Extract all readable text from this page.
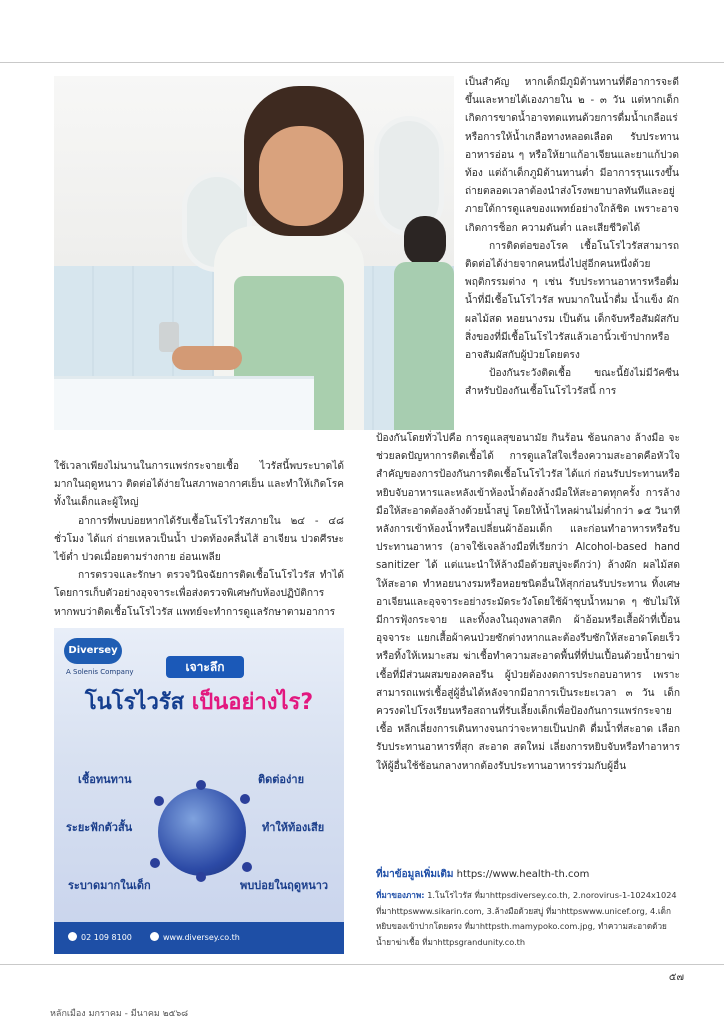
เป็นสำคัญ หากเด็กมีภูมิต้านทานที่ดีอาการจะดีขึ้นและหายได้เองภายใน ๒ - ๓ วัน แต่หากเด็กเกิดการขาดน้ำอาจทดแทนด้วยการดื่มน้ำเกลือแร่หรือการให้น้ำเกลือทางหลอดเลือด รับประทานอาหารอ่อน ๆ หรือให้ยาแก้อาเจียนและยาแก้ปวดท้อง แต่ถ้าเด็กภูมิต้านทานต่ำ มีอาการรุนแรงขึ้นถ่ายตลอดเวลาต้องนำส่งโรงพยาบาลทันทีและอยู่ภายใต้การดูแลของแพทย์อย่างใกล้ชิด เพราะอาจเกิดการช็อก ความดันต่ำ และเสียชีวิตได้

การติดต่อของโรค เชื้อโนโรไวรัสสามารถติดต่อได้ง่ายจากคนหนึ่งไปสู่อีกคนหนึ่งด้วยพฤติกรรมต่าง ๆ เช่น รับประทานอาหารหรือดื่มน้ำที่มีเชื้อโนโรไวรัส พบมากในน้ำดื่ม น้ำแข็ง ผักผลไม้สด หอยนางรม เป็นต้น เด็กจับหรือสัมผัสกับสิ่งของที่มีเชื้อโนโรไวรัสแล้วเอานิ้วเข้าปากหรืออาจสัมผัสกับผู้ป่วยโดยตรง

ป้องกันระวังติดเชื้อ ขณะนี้ยังไม่มีวัคซีนสำหรับป้องกันเชื้อโนโรไวรัสนี้ การ

ใช้เวลาเพียงไม่นานในการแพร่กระจายเชื้อ ไวรัสนี้พบระบาดได้มากในฤดูหนาว ติดต่อได้ง่ายในสภาพอากาศเย็น และทำให้เกิดโรคทั้งในเด็กและผู้ใหญ่

อาการที่พบบ่อยหากได้รับเชื้อโนโรไวรัสภายใน ๒๔ - ๔๘ ชั่วโมง ได้แก่ ถ่ายเหลวเป็นน้ำ ปวดท้องคลื่นไส้ อาเจียน ปวดศีรษะ ไข้ต่ำ ปวดเมื่อยตามร่างกาย อ่อนเพลีย

การตรวจและรักษา ตรวจวินิจฉัยการติดเชื้อโนโรไวรัส ทำได้โดยการเก็บตัวอย่างอุจจาระเพื่อส่งตรวจพิเศษกับห้องปฏิบัติการ หากพบว่าติดเชื้อโนโรไวรัส แพทย์จะทำการดูแลรักษาตามอาการ

ป้องกันโดยทั่วไปคือ การดูแลสุขอนามัย กินร้อน ช้อนกลาง ล้างมือ จะช่วยลดปัญหาการติดเชื้อได้ การดูแลใส่ใจเรื่องความสะอาดคือหัวใจสำคัญของการป้องกันการติดเชื้อโนโรไวรัส ได้แก่ ก่อนรับประทานหรือหยิบจับอาหารและหลังเข้าห้องน้ำต้องล้างมือให้สะอาดทุกครั้ง การล้างมือให้สะอาดต้องล้างด้วยน้ำสบู่ โดยให้น้ำไหลผ่านไม่ต่ำกว่า ๑๕ วินาที หลังการเข้าห้องน้ำหรือเปลี่ยนผ้าอ้อมเด็ก และก่อนทำอาหารหรือรับประทานอาหาร (อาจใช้เจลล้างมือที่เรียกว่า Alcohol-based hand sanitizer ได้ แต่แนะนำให้ล้างมือด้วยสบู่จะดีกว่า) ล้างผัก ผลไม้สด ให้สะอาด ทำหอยนางรมหรือหอยชนิดอื่นให้สุกก่อนรับประทาน ทิ้งเศษอาเจียนและอุจจาระอย่างระมัดระวังโดยใช้ผ้าชุบน้ำหมาด ๆ ซับไม่ให้มีการฟุ้งกระจาย และทิ้งลงในถุงพลาสติก ผ้าอ้อมหรือเสื้อผ้าที่เปื้อนอุจจาระ แยกเสื้อผ้าคนป่วยซักต่างหากและต้องรีบซักให้สะอาดโดยเร็วหรือทิ้งให้เหมาะสม ฆ่าเชื้อทำความสะอาดพื้นที่ที่ปนเปื้อนด้วยน้ำยาฆ่าเชื้อที่มีส่วนผสมของคลอรีน ผู้ป่วยต้องงดการประกอบอาหาร เพราะสามารถแพร่เชื้อสู่ผู้อื่นได้หลังจากมีอาการเป็นระยะเวลา ๓ วัน เด็กควรงดไปโรงเรียนหรือสถานที่รับเลี้ยงเด็กเพื่อป้องกันการแพร่กระจายเชื้อ หลีกเลี่ยงการเดินทางจนกว่าจะหายเป็นปกติ ดื่มน้ำที่สะอาด เลือกรับประทานอาหารที่สุก สะอาด สดใหม่ เลี่ยงการหยิบจับหรือทำอาหารให้ผู้อื่นใช้ช้อนกลางหากต้องรับประทานอาหารร่วมกับผู้อื่น

Diversey
A Solenis Company	เจาะลึก
โนโรไวรัส เป็นอย่างไร?
เชื้อทนทาน	ติดต่อง่าย
ระยะฟักตัวสั้น	ทำให้ท้องเสีย
ระบาดมากในเด็ก	พบบ่อยในฤดูหนาว
02 109 8100	www.diversey.co.th
ที่มาข้อมูลเพิ่มเติม https://www.health-th.com
ที่มาของภาพ: 1.โนโรไวรัส ที่มาhttpsdiversey.co.th, 2.norovirus-1-1024x1024 ที่มาhttpswww.sikarin.com, 3.ล้างมือด้วยสบู่ ที่มาhttpswww.unicef.org, 4.เด็กหยิบของเข้าปากโดยตรง ที่มาhttpsth.mamypoko.com.jpg, ทำความสะอาดด้วยน้ำยาฆ่าเชื้อ ที่มาhttpsgrandunity.co.th
๕๗
หลักเมือง มกราคม - มีนาคม ๒๕๖๘
